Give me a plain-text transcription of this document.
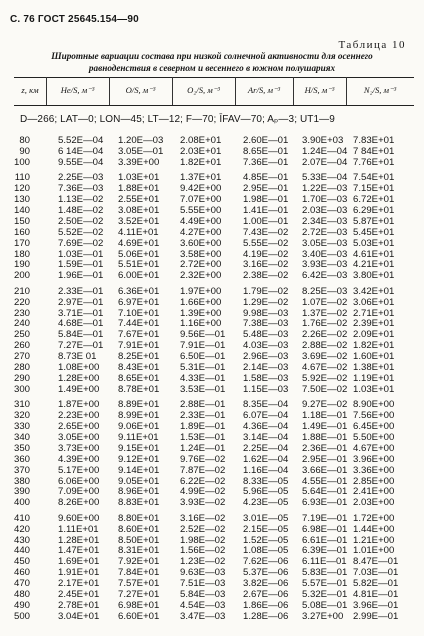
С. 76 ГОСТ 25645.154—90
Таблица 10
Широтные вариации состава при низкой солнечной активности для осеннего
равноденствия в северном и весеннего в южном полушариях
z, км	He/S, м⁻³	O/S, м⁻³	O₂/S, м⁻³	Ar/S, м⁻³	H/S, м⁻³	N₂/S, м⁻³
D—266; LAT—0; LON—45; LT—12; F—70; ĪFAV—70; Aₚ—3; UT1—9
80	5.52E—04 1.20E—03 2.08E+01 2.60E—01 3.90E+03 7.83E+01
90	6 14E—04 3.05E—01 2.03E+01 8.65E—01 1.24E—04 7 84E+01
100	9.55E—04 3.39E+00 1.82E+01 7.36E—01 2.07E—04 7.76E+01
110	2.25E—03 1.03E+01 1.37E+01 4.85E—01 5.33E—04 7.54E+01
120	7.36E—03 1.88E+01 9.42E+00 2.95E—01 1.22E—03 7.15E+01
130	1.13E—02 2.55E+01 7.07E+00 1.98E—01 1.70E—03 6.72E+01
140	1.48E—02 3.08E+01 5.55E+00 1.41E—01 2.03E—03 6.29E+01
150	2.50E—02 3.52E+01 4.49E+00 1.00E—01 2.34E—03 5.87E+01
160	5.52E—02 4.11E+01 4.27E+00 7.43E—02 2.72E—03 5.45E+01
170	7.69E—02 4.69E+01 3.60E+00 5.55E—02 3.05E—03 5.03E+01
180	1.03E—01 5.06E+01 3.58E+00 4.19E—02 3.40E—03 4.61E+01
190	1.59E—01 5.51E+01 2.72E+00 3.16E—02 3.93E—03 4.21E+01
200	1.96E—01 6.00E+01 2.32E+00 2.38E—02 6.42E—03 3.80E+01
210	2.33E—01 6.36E+01 1.97E+00 1.79E—02 8.25E—03 3.42E+01
220	2.97E—01 6.97E+01 1.66E+00 1.29E—02 1.07E—02 3.06E+01
230	3.71E—01 7.10E+01 1.39E+00 9.98E—03 1.37E—02 2.71E+01
240	4.68E—01 7.44E+01 1.16E+00 7.38E—03 1.76E—02 2.39E+01
250	5.84E—01 7.67E+01 9.56E—01 5.48E—03 2.26E—02 2.09E+01
260	7.27E—01 7.91E+01 7.91E—01 4.03E—03 2.88E—02 1.82E+01
270	8.73E 01 8.25E+01 6.50E—01 2.96E—03 3.69E—02 1.60E+01
280	1.08E+00 8.43E+01 5.31E—01 2.14E—03 4.67E—02 1.38E+01
290	1.28E+00 8.65E+01 4.33E—01 1.58E—03 5.92E—02 1.19E+01
300	1.49E+00 8.78E+01 3.53E—01 1.15E—03 7.50E—02 1.03E+01
310	1.87E+00 8.89E+01 2.88E—01 8.35E—04 9.27E—02 8.90E+00
320	2.23E+00 8.99E+01 2.33E—01 6.07E—04 1.18E—01 7.56E+00
330	2.65E+00 9.06E+01 1.89E—01 4.36E—04 1.49E—01 6.45E+00
340	3.05E+00 9.11E+01 1.53E—01 3.14E—04 1.88E—01 5.50E+00
350	3.73E+00 9.15E+01 1.24E—01 2.25E—04 2.36E—01 4.67E+00
360	4.39E+00 9.12E+01 9.76E—02 1.62E—04 2.95E—01 3.96E+00
370	5.17E+00 9.14E+01 7.87E—02 1.16E—04 3.66E—01 3.36E+00
380	6.06E+00 9.05E+01 6.22E—02 8.33E—05 4.55E—01 2.85E+00
390	7.09E+00 8.96E+01 4.99E—02 5.96E—05 5.64E—01 2.41E+00
400	8.26E+00 8.83E+01 3.93E—02 4.23E—05 6.93E—01 2.03E+00
410	9.60E+00 8.80E+01 3.16E—02 3.01E—05 7.19E—01 1.72E+00
420	1.11E+01 8.60E+01 2.52E—02 2.15E—05 6.98E—01 1.44E+00
430	1.28E+01 8.50E+01 1.98E—02 1.52E—05 6.61E—01 1.21E+00
440	1.47E+01 8.31E+01 1.56E—02 1.08E—05 6.39E—01 1.01E+00
450	1.69E+01 7.92E+01 1.23E—02 7.62E—06 6.11E—01 8.47E—01
460	1.91E+01 7.84E+01 9.63E—03 5.37E—06 5.83E—01 7.03E—01
470	2.17E+01 7.57E+01 7.51E—03 3.82E—06 5.57E—01 5.82E—01
480	2.45E+01 7.27E+01 5.84E—03 2.67E—06 5.32E—01 4.81E—01
490	2.78E+01 6.98E+01 4.54E—03 1.86E—06 5.08E—01 3.96E—01
500	3.04E+01 6.60E+01 3.47E—03 1.28E—06 3.27E+00 2.99E—01
